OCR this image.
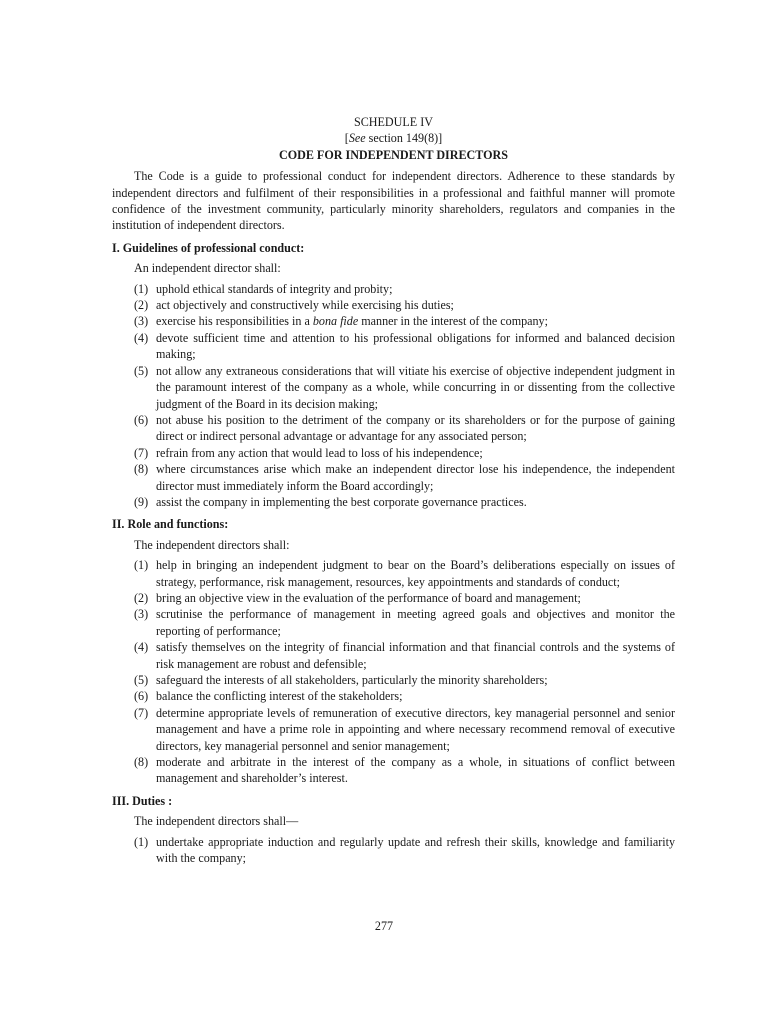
SCHEDULE IV

[See section 149(8)]

CODE FOR INDEPENDENT DIRECTORS

The Code is a guide to professional conduct for independent directors. Adherence to these standards by independent directors and fulfilment of their responsibilities in a professional and faithful manner will promote confidence of the investment community, particularly minority shareholders, regulators and companies in the institution of independent directors.

I. Guidelines of professional conduct:

An independent director shall:

(1) uphold ethical standards of integrity and probity;
(2) act objectively and constructively while exercising his duties;
(3) exercise his responsibilities in a bona fide manner in the interest of the company;
(4) devote sufficient time and attention to his professional obligations for informed and balanced decision making;
(5) not allow any extraneous considerations that will vitiate his exercise of objective independent judgment in the paramount interest of the company as a whole, while concurring in or dissenting from the collective judgment of the Board in its decision making;
(6) not abuse his position to the detriment of the company or its shareholders or for the purpose of gaining direct or indirect personal advantage or advantage for any associated person;
(7) refrain from any action that would lead to loss of his independence;
(8) where circumstances arise which make an independent director lose his independence, the independent director must immediately inform the Board accordingly;
(9) assist the company in implementing the best corporate governance practices.

II. Role and functions:

The independent directors shall:

(1) help in bringing an independent judgment to bear on the Board’s deliberations especially on issues of strategy, performance, risk management, resources, key appointments and standards of conduct;
(2) bring an objective view in the evaluation of the performance of board and management;
(3) scrutinise the performance of management in meeting agreed goals and objectives and monitor the reporting of performance;
(4) satisfy themselves on the integrity of financial information and that financial controls and the systems of risk management are robust and defensible;
(5) safeguard the interests of all stakeholders, particularly the minority shareholders;
(6) balance the conflicting interest of the stakeholders;
(7) determine appropriate levels of remuneration of executive directors, key managerial personnel and senior management and have a prime role in appointing and where necessary recommend removal of executive directors, key managerial personnel and senior management;
(8) moderate and arbitrate in the interest of the company as a whole, in situations of conflict between management and shareholder’s interest.

III. Duties :

The independent directors shall—

(1) undertake appropriate induction and regularly update and refresh their skills, knowledge and familiarity with the company;
277
